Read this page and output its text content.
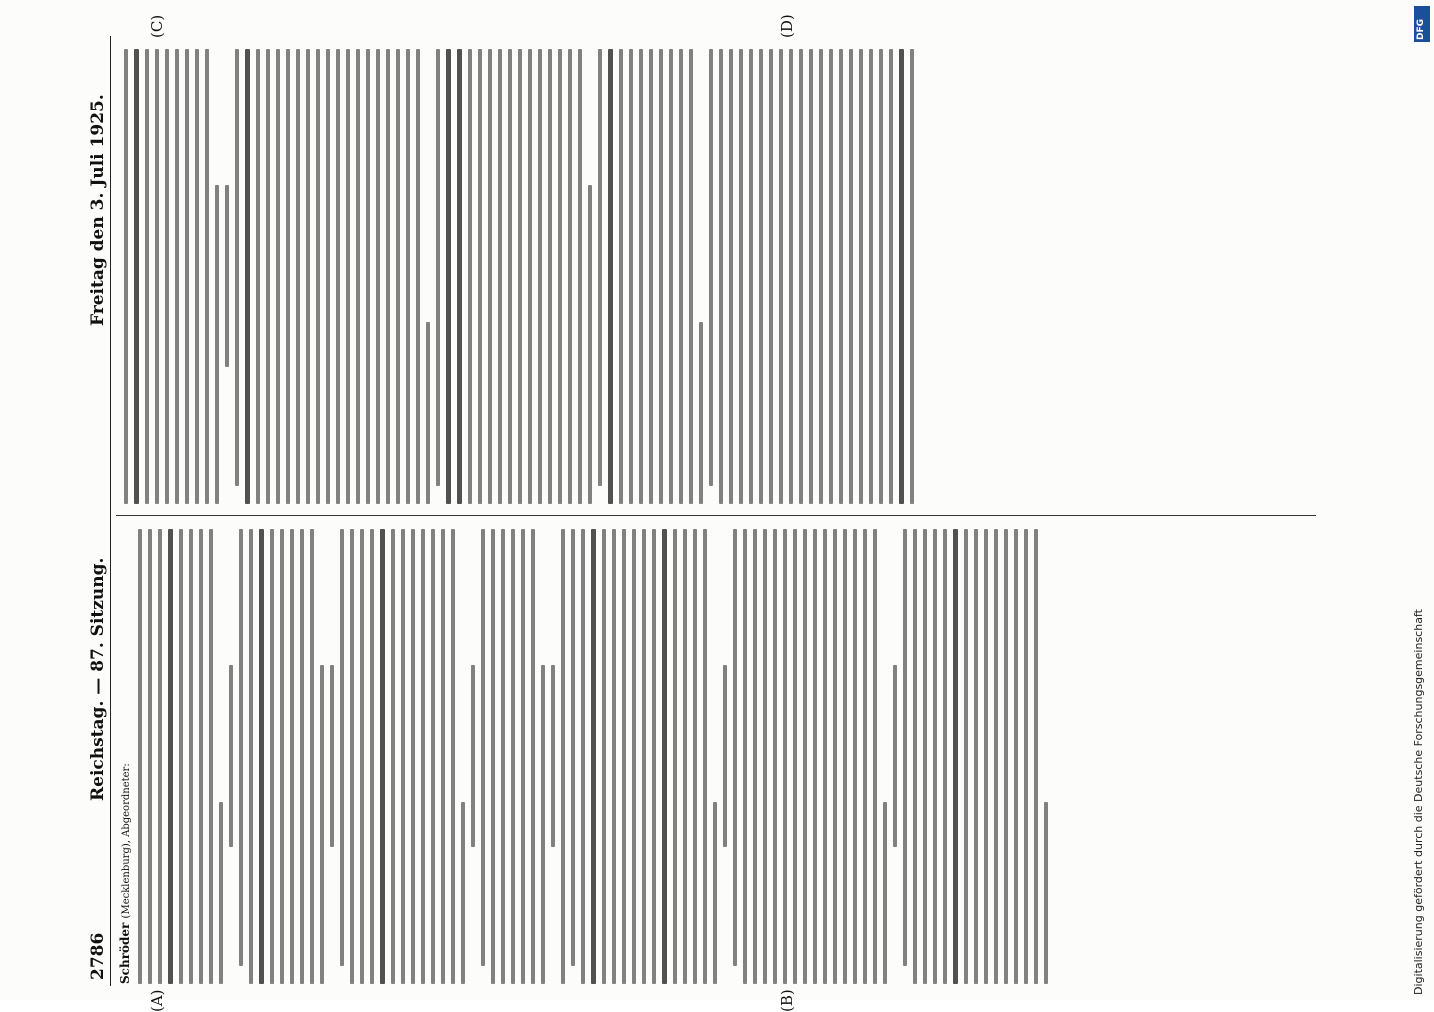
2786
Reichstag. — 87. Sitzung.
Freitag den 3. Juli 1925.
Schröder (Mecklenburg), Abgeordneter:
(A)	(B)
(C)	(D)	DFG
Digitalisierung gefördert durch die Deutsche Forschungsgemeinschaft
